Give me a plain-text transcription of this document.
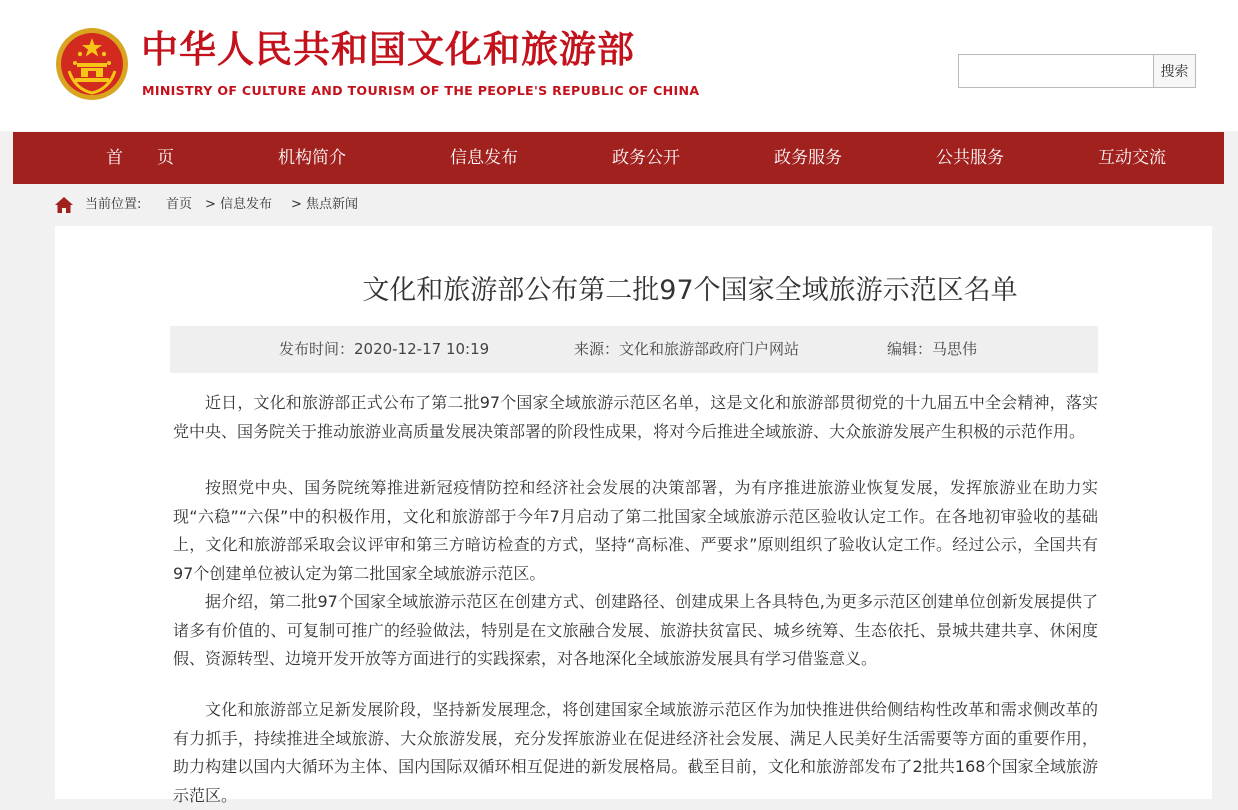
中华人民共和国文化和旅游部
MINISTRY OF CULTURE AND TOURISM OF THE PEOPLE'S REPUBLIC OF CHINA
搜索
首　　页	机构简介	信息发布	政务公开	政务服务	公共服务	互动交流
当前位置: 首页 > 信息发布 > 焦点新闻
文化和旅游部公布第二批97个国家全域旅游示范区名单
发布时间：2020-12-17 10:19	来源：文化和旅游部政府门户网站	编辑：马思伟

近日，文化和旅游部正式公布了第二批97个国家全域旅游示范区名单，这是文化和旅游部贯彻党的十九届五中全会精神，落实党中央、国务院关于推动旅游业高质量发展决策部署的阶段性成果，将对今后推进全域旅游、大众旅游发展产生积极的示范作用。

按照党中央、国务院统筹推进新冠疫情防控和经济社会发展的决策部署，为有序推进旅游业恢复发展，发挥旅游业在助力实现“六稳”“六保”中的积极作用，文化和旅游部于今年7月启动了第二批国家全域旅游示范区验收认定工作。在各地初审验收的基础上，文化和旅游部采取会议评审和第三方暗访检查的方式，坚持“高标准、严要求”原则组织了验收认定工作。经过公示，全国共有97个创建单位被认定为第二批国家全域旅游示范区。

据介绍，第二批97个国家全域旅游示范区在创建方式、创建路径、创建成果上各具特色,为更多示范区创建单位创新发展提供了诸多有价值的、可复制可推广的经验做法，特别是在文旅融合发展、旅游扶贫富民、城乡统筹、生态依托、景城共建共享、休闲度假、资源转型、边境开发开放等方面进行的实践探索，对各地深化全域旅游发展具有学习借鉴意义。

文化和旅游部立足新发展阶段，坚持新发展理念，将创建国家全域旅游示范区作为加快推进供给侧结构性改革和需求侧改革的有力抓手，持续推进全域旅游、大众旅游发展，充分发挥旅游业在促进经济社会发展、满足人民美好生活需要等方面的重要作用，助力构建以国内大循环为主体、国内国际双循环相互促进的新发展格局。截至目前，文化和旅游部发布了2批共168个国家全域旅游示范区。
